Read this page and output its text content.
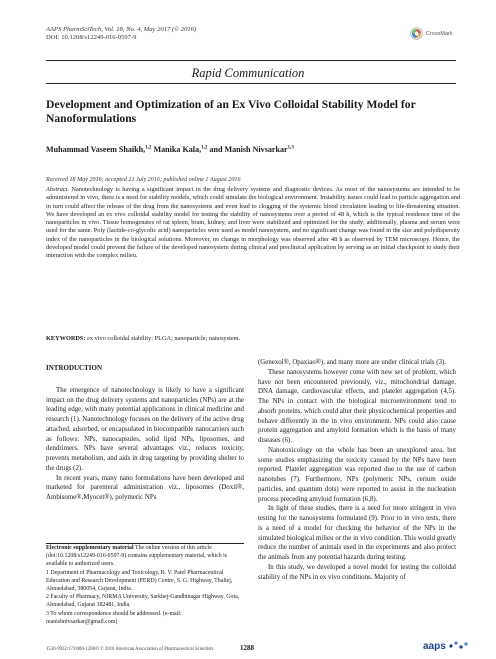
AAPS PharmSciTech, Vol. 18, No. 4, May 2017 (© 2016)
DOI: 10.1208/s12249-016-0597-9
CrossMark
Rapid Communication
Development and Optimization of an Ex Vivo Colloidal Stability Model for Nanoformulations
Muhammad Vaseem Shaikh,$^{1,2}$ Manika Kala,$^{1,2}$ and Manish Nivsarkar$^{1,3}$
Received 18 May 2016; accepted 21 July 2016; published online 1 August 2016
Abstract. Nanotechnology is having a significant impact in the drug delivery systems and diagnostic devices. As most of the nanosystems are intended to be administered in vivo, there is a need for stability models, which could simulate the biological environment. Instability issues could lead to particle aggregation and in turn could affect the release of the drug from the nanosystems and even lead to clogging of the systemic blood circulation leading to life-threatening situation. We have developed an ex vivo colloidal stability model for testing the stability of nanosystems over a period of 48 h, which is the typical residence time of the nanoparticles in vivo. Tissue homogenates of rat spleen, brain, kidney, and liver were stabilized and optimized for the study; additionally, plasma and serum were used for the same. Poly (lactide-co-glycolic acid) nanoparticles were used as model nanosystem, and no significant change was found in the size and polydispersity index of the nanoparticles in the biological solutions. Moreover, no change in morphology was observed after 48 h as observed by TEM microscopy. Hence, the developed model could prevent the failure of the developed nanosystem during clinical and preclinical application by serving as an initial checkpoint to study their interaction with the complex milieu.
KEYWORDS: ex vivo colloidal stability; PLGA; nanoparticle; nanosystem.

INTRODUCTION

The emergence of nanotechnology is likely to have a significant impact on the drug delivery systems and nanoparticles (NPs) are at the leading edge, with many potential applications in clinical medicine and research (1). Nanotechnology focuses on the delivery of the active drug attached, adsorbed, or encapsulated in biocompatible nanocarriers such as follows: NPs, nanocapsules, solid lipid NPs, liposomes, and dendrimers. NPs have several advantages viz., reduces toxicity, prevents metabolism, and aids in drug targeting by providing shelter to the drugs (2).

In recent years, many nano formulations have been developed and marketed for parenteral administration viz., liposomes (Doxil®, Ambisome®,Myocet®), polymeric NPs

(Genexol®, Opaxiao®), and many more are under clinical trials (3).

These nanosystems however come with new set of problem, which have not been encountered previously, viz., mitochondrial damage, DNA damage, cardiovascular effects, and platelet aggregation (4,5). The NPs in contact with the biological microenvironment tend to absorb proteins, which could alter their physicochemical properties and behave differently in the in vivo environment. NPs could also cause protein aggregation and amyloid formation which is the basis of many diseases (6).

Nanotoxicology on the whole has been an unexplored area, but some studies emphasizing the toxicity caused by the NPs have been reported. Platelet aggregation was reported due to the use of carbon nanotubes (7). Furthermore, NPs (polymeric NPs, cerium oxide particles, and quantum dots) were reported to assist in the nucleation process preceding amyloid formation (6,8).

In light of these studies, there is a need for more stringent in vivo testing for the nanosystems formulated (9). Prior to in vivo tests, there is a need of a model for checking the behavior of the NPs in the simulated biological milieu or the in vivo condition. This would greatly reduce the number of animals used in the experiments and also protect the animals from any potential hazards during testing.

In this study, we developed a novel model for testing the colloidal stability of the NPs in ex vivo conditions. Majority of

Electronic supplementary material The online version of this article (doi:10.1208/s12249-016-0597-9) contains supplementary material, which is available to authorized users.
1 Department of Pharmacology and Toxicology, B. V. Patel Pharmaceutical Education and Research Development (PERD) Centre, S. G. Highway, Thaltej, Ahmedabad, 380054, Gujarat, India.
2 Faculty of Pharmacy, NIRMA University, Sarkhej-Gandhinagar Highway, Gota, Ahmedabad, Gujarat 382481, India.
3 To whom correspondence should be addressed. (e-mail: manishnivsarkar@gmail.com)
1530-9932/17/0400-1288/0 © 2016 American Association of Pharmaceutical Scientists	1288	aaps
